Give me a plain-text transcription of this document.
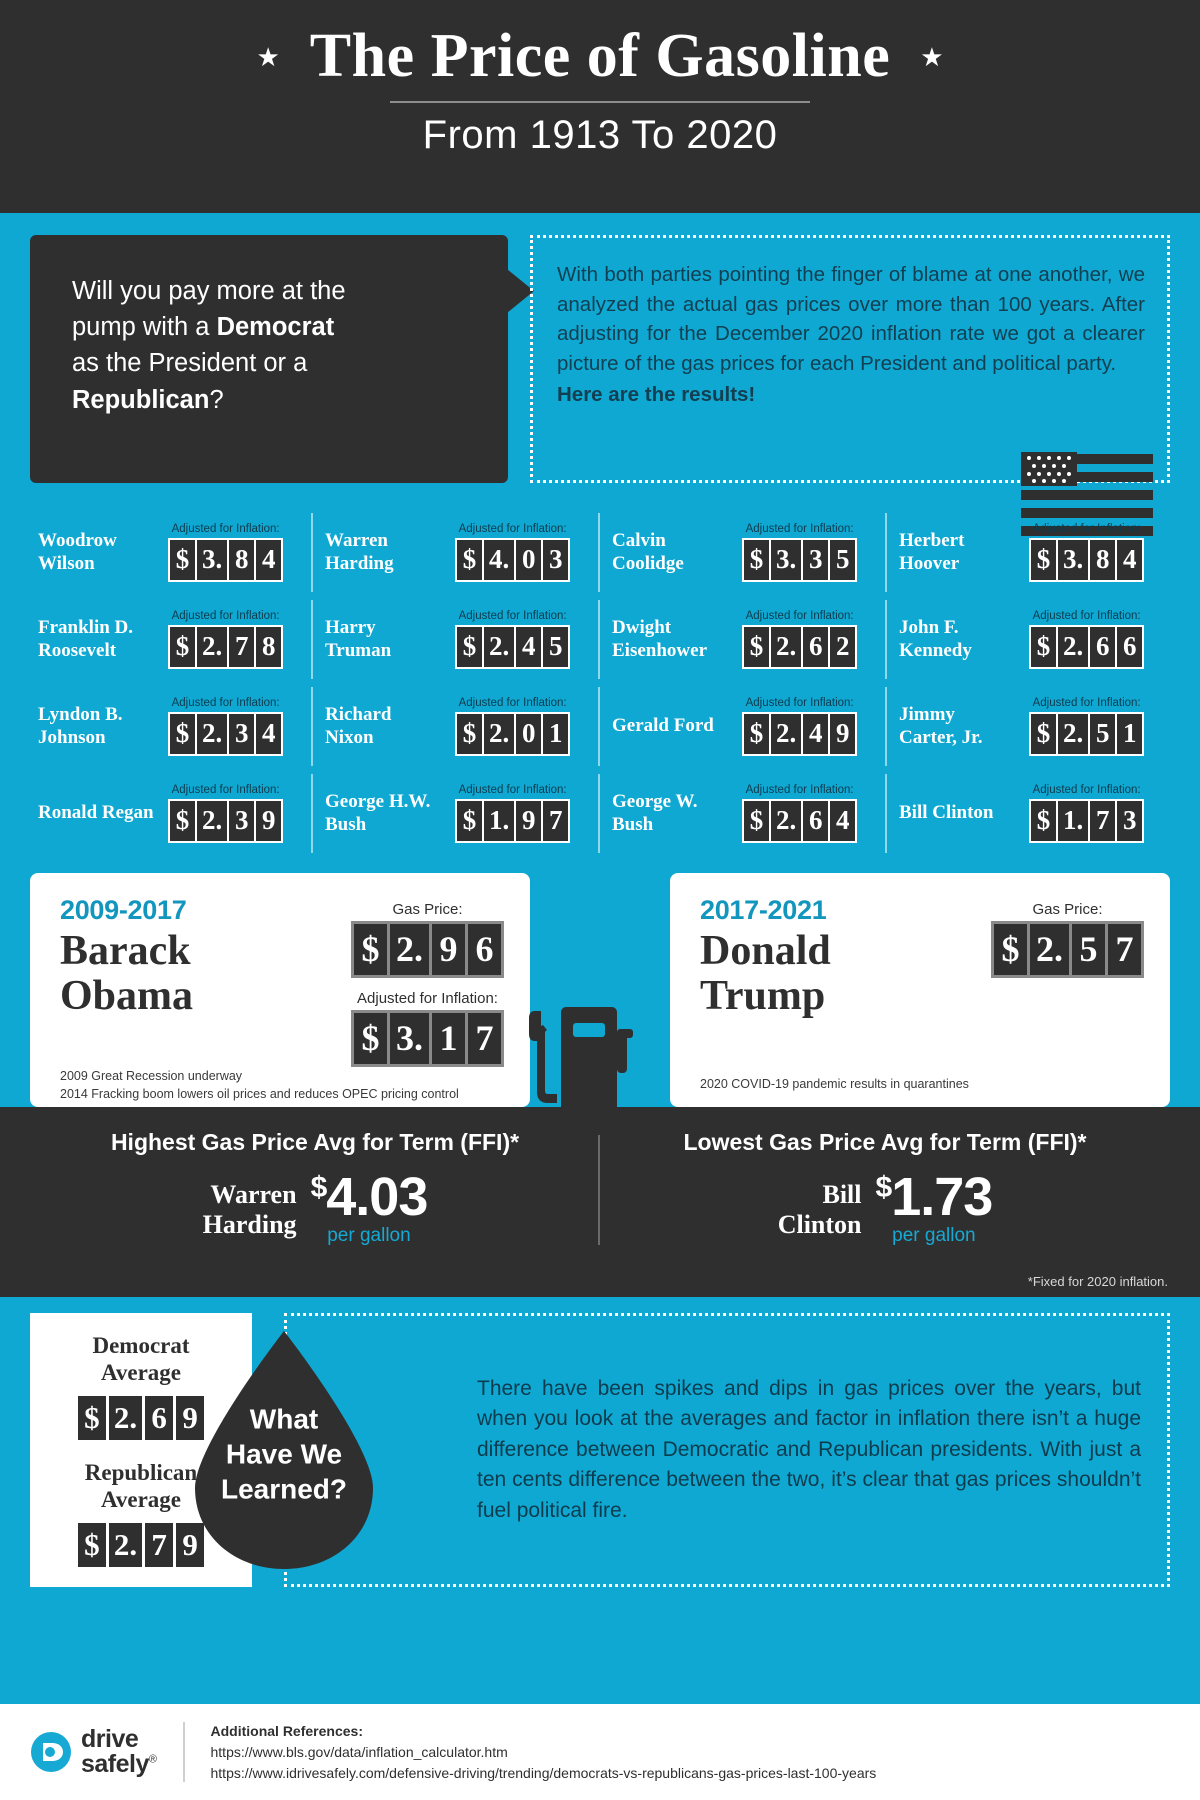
★ The Price of Gasoline ★
From 1913 To 2020
Will you pay more at the
pump with a Democrat
as the President or a
Republican?

With both parties pointing the finger of blame at one another, we analyzed the actual gas prices over more than 100 years. After adjusting for the December 2020 inflation rate we got a clearer picture of the gas prices for each President and political party.

Here are the results!

Woodrow Wilson
Adjusted for Inflation:
$ 3. 8 4
Warren Harding
Adjusted for Inflation:
$ 4. 0 3
Calvin Coolidge
Adjusted for Inflation:
$ 3. 3 5
Herbert Hoover
Adjusted for Inflation:
$ 3. 8 4
Franklin D. Roosevelt
Adjusted for Inflation:
$ 2. 7 8
Harry Truman
Adjusted for Inflation:
$ 2. 4 5
Dwight Eisenhower
Adjusted for Inflation:
$ 2. 6 2
John F. Kennedy
Adjusted for Inflation:
$ 2. 6 6
Lyndon B. Johnson
Adjusted for Inflation:
$ 2. 3 4
Richard Nixon
Adjusted for Inflation:
$ 2. 0 1	Gerald Ford
Adjusted for Inflation:
$ 2. 4 9
Jimmy Carter, Jr.
Adjusted for Inflation:
$ 2. 5 1
Ronald Regan
Adjusted for Inflation:
$ 2. 3 9
George H.W. Bush
Adjusted for Inflation:
$ 1. 9 7
George W. Bush
Adjusted for Inflation:
$ 2. 6 4	Bill Clinton
Adjusted for Inflation:
$ 1. 7 3
2009-2017
Barack
Obama
Gas Price:
$ 2. 9 6
Adjusted for Inflation:
$ 3. 1 7
2009 Great Recession underway
2014 Fracking boom lowers oil prices and reduces OPEC pricing control
2017-2021
Donald
Trump
Gas Price:
$ 2. 5 7
2020 COVID-19 pandemic results in quarantines
Highest Gas Price Avg for Term (FFI)*
Warren
Harding
$4.03
per gallon
Lowest Gas Price Avg for Term (FFI)*
Bill
Clinton
$1.73
per gallon
*Fixed for 2020 inflation.
Democrat
Average
$ 2. 6 9
Republican
Average
$ 2. 7 9
What
Have We
Learned?

There have been spikes and dips in gas prices over the years, but when you look at the averages and factor in inflation there isn’t a huge difference between Democratic and Republican presidents. With just a ten cents difference between the two, it’s clear that gas prices shouldn’t fuel political fire.

drive
safely®
Additional References:
https://www.bls.gov/data/inflation_calculator.htm
https://www.idrivesafely.com/defensive-driving/trending/democrats-vs-republicans-gas-prices-last-100-years
